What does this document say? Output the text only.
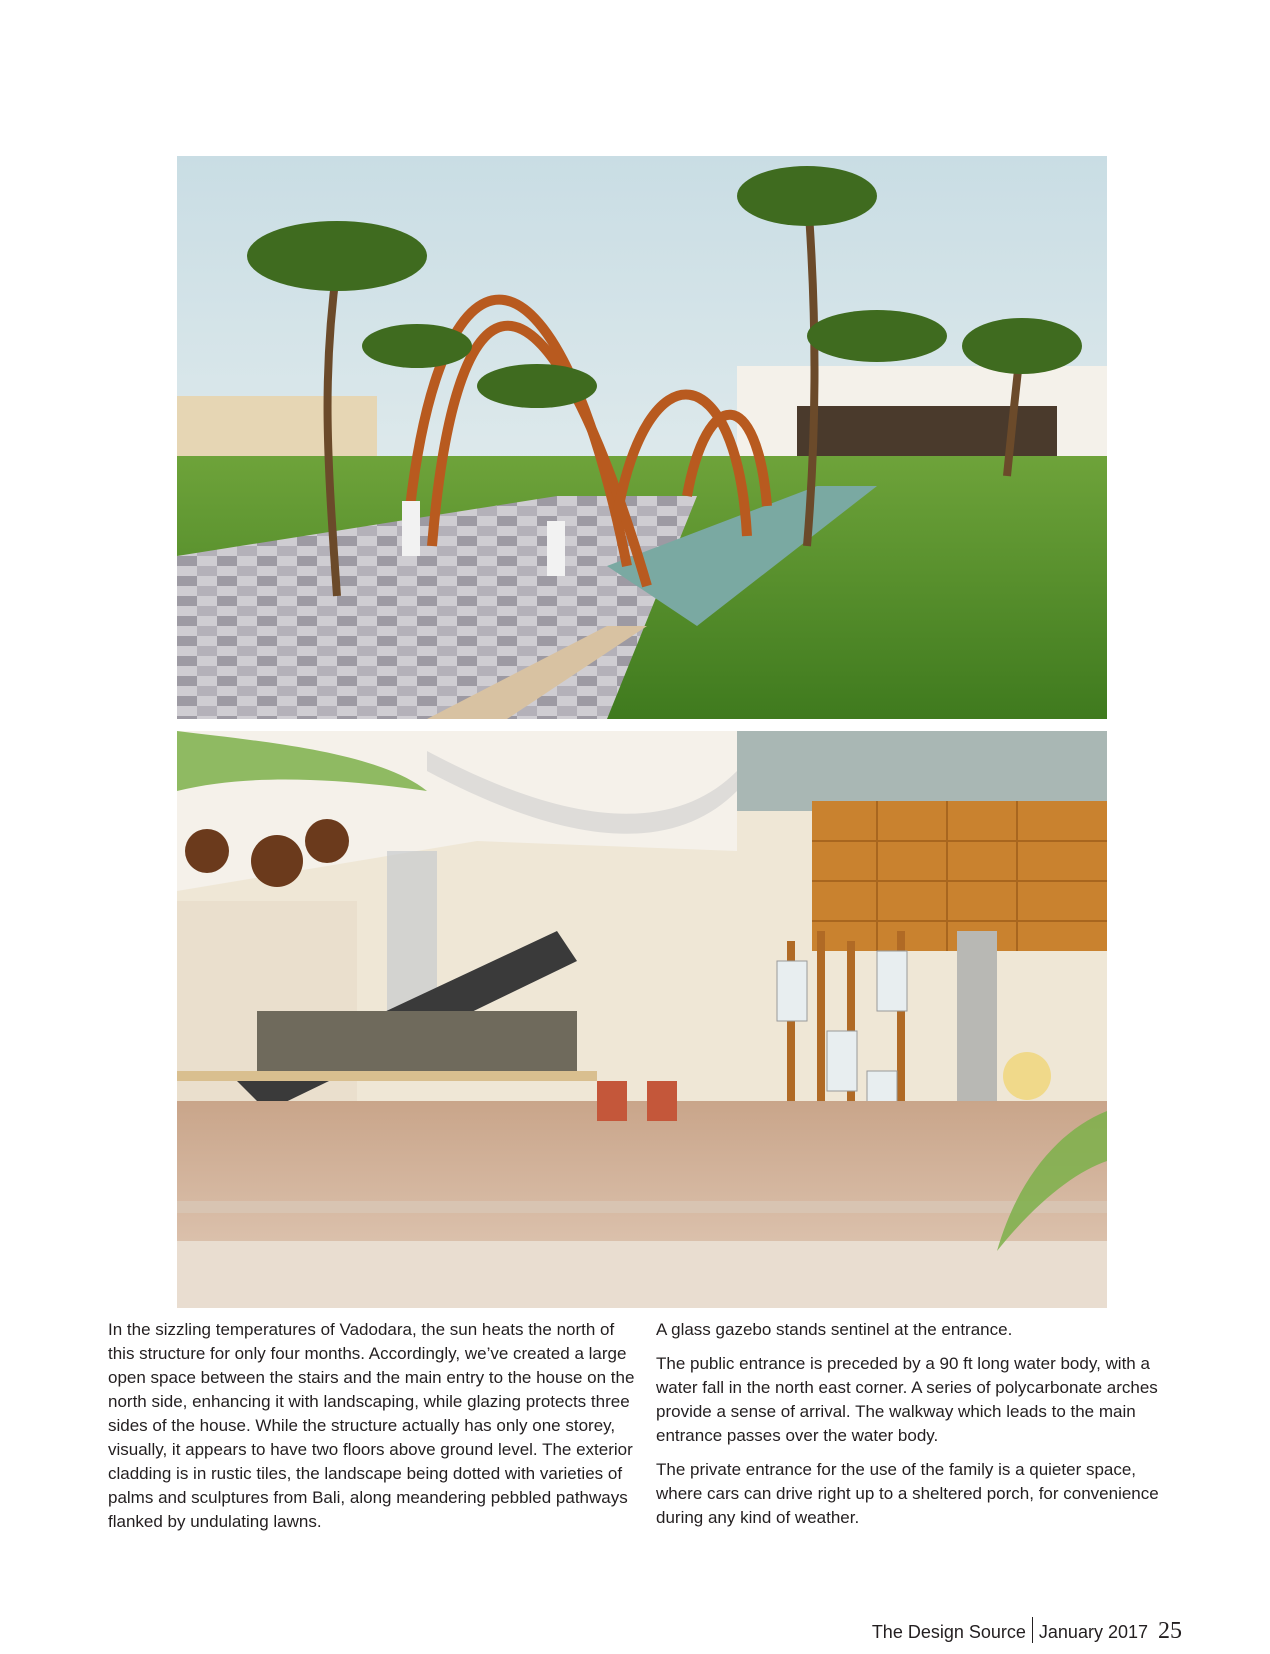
In the sizzling temperatures of Vadodara, the sun heats the north of this structure for only four months. Accordingly, we’ve created a large open space between the stairs and the main entry to the house on the north side, enhancing it with landscaping, while glazing protects three sides of the house. While the structure actually has only one storey, visually, it appears to have two floors above ground level. The exterior cladding is in rustic tiles, the landscape being dotted with varieties of palms and sculptures from Bali, along meandering pebbled pathways flanked by undulating lawns.

A glass gazebo stands sentinel at the entrance.

The public entrance is preceded by a 90 ft long water body, with a water fall in the north east corner. A series of polycarbonate arches provide a sense of arrival. The walkway which leads to the main entrance passes over the water body.

The private entrance for the use of the family is a quieter space, where cars can drive right up to a sheltered porch, for convenience during any kind of weather.

The Design Source January 2017 25
